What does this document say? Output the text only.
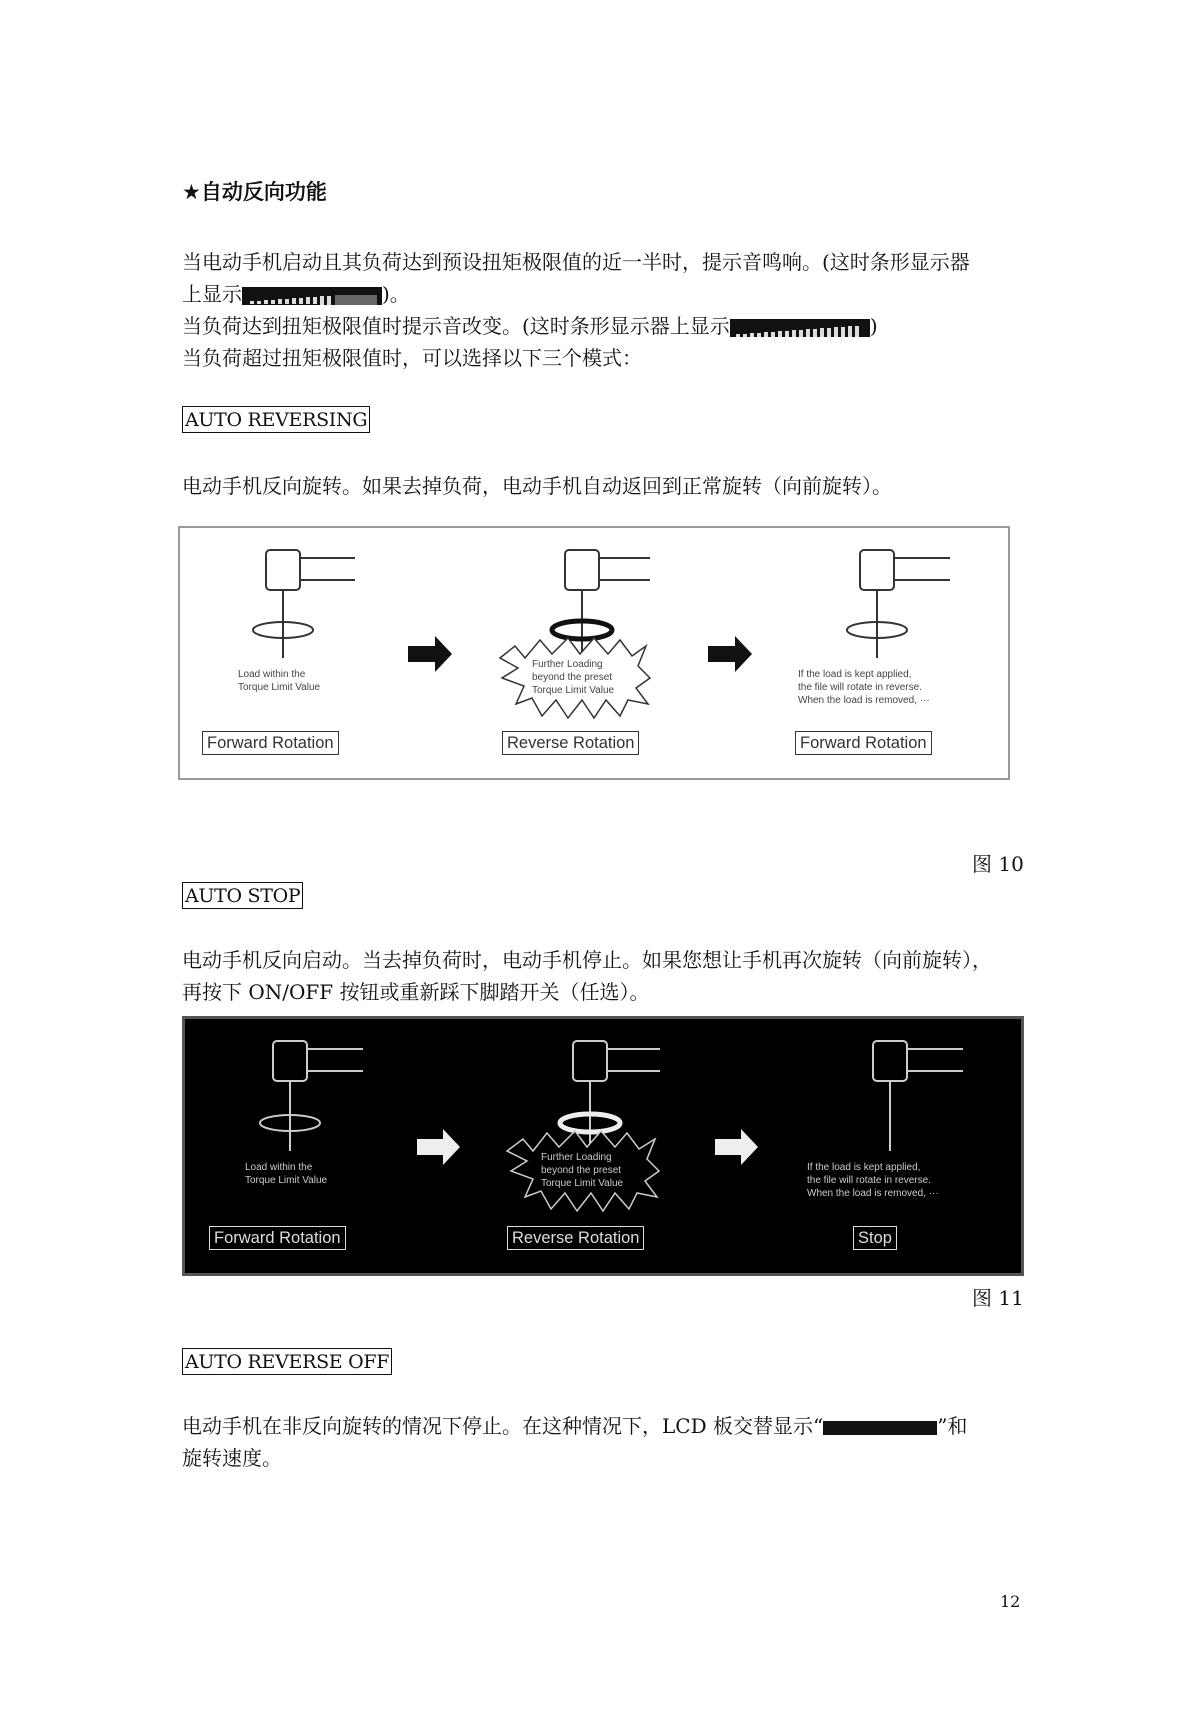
★自动反向功能
当电动手机启动且其负荷达到预设扭矩极限值的近一半时，提示音鸣响。(这时条形显示器
上显示	)。
当负荷达到扭矩极限值时提示音改变。(这时条形显示器上显示	)
当负荷超过扭矩极限值时，可以选择以下三个模式：
AUTO REVERSING
电动手机反向旋转。如果去掉负荷，电动手机自动返回到正常旋转（向前旋转）。
Load within the
Torque Limit Value
Forward Rotation
Further Loading
beyond the preset
Torque Limit Value
Reverse Rotation
If the load is kept applied,
the file will rotate in reverse.
When the load is removed, ···
Forward Rotation
图 10
AUTO STOP
电动手机反向启动。当去掉负荷时，电动手机停止。如果您想让手机再次旋转（向前旋转），
再按下 ON/OFF 按钮或重新踩下脚踏开关（任选）。
Load within the
Torque Limit Value
Forward Rotation
Further Loading
beyond the preset
Torque Limit Value
Reverse Rotation
If the load is kept applied,
the file will rotate in reverse.
When the load is removed, ···
Stop
图 11
AUTO REVERSE OFF
电动手机在非反向旋转的情况下停止。在这种情况下，LCD 板交替显示“	”和
旋转速度。
12
